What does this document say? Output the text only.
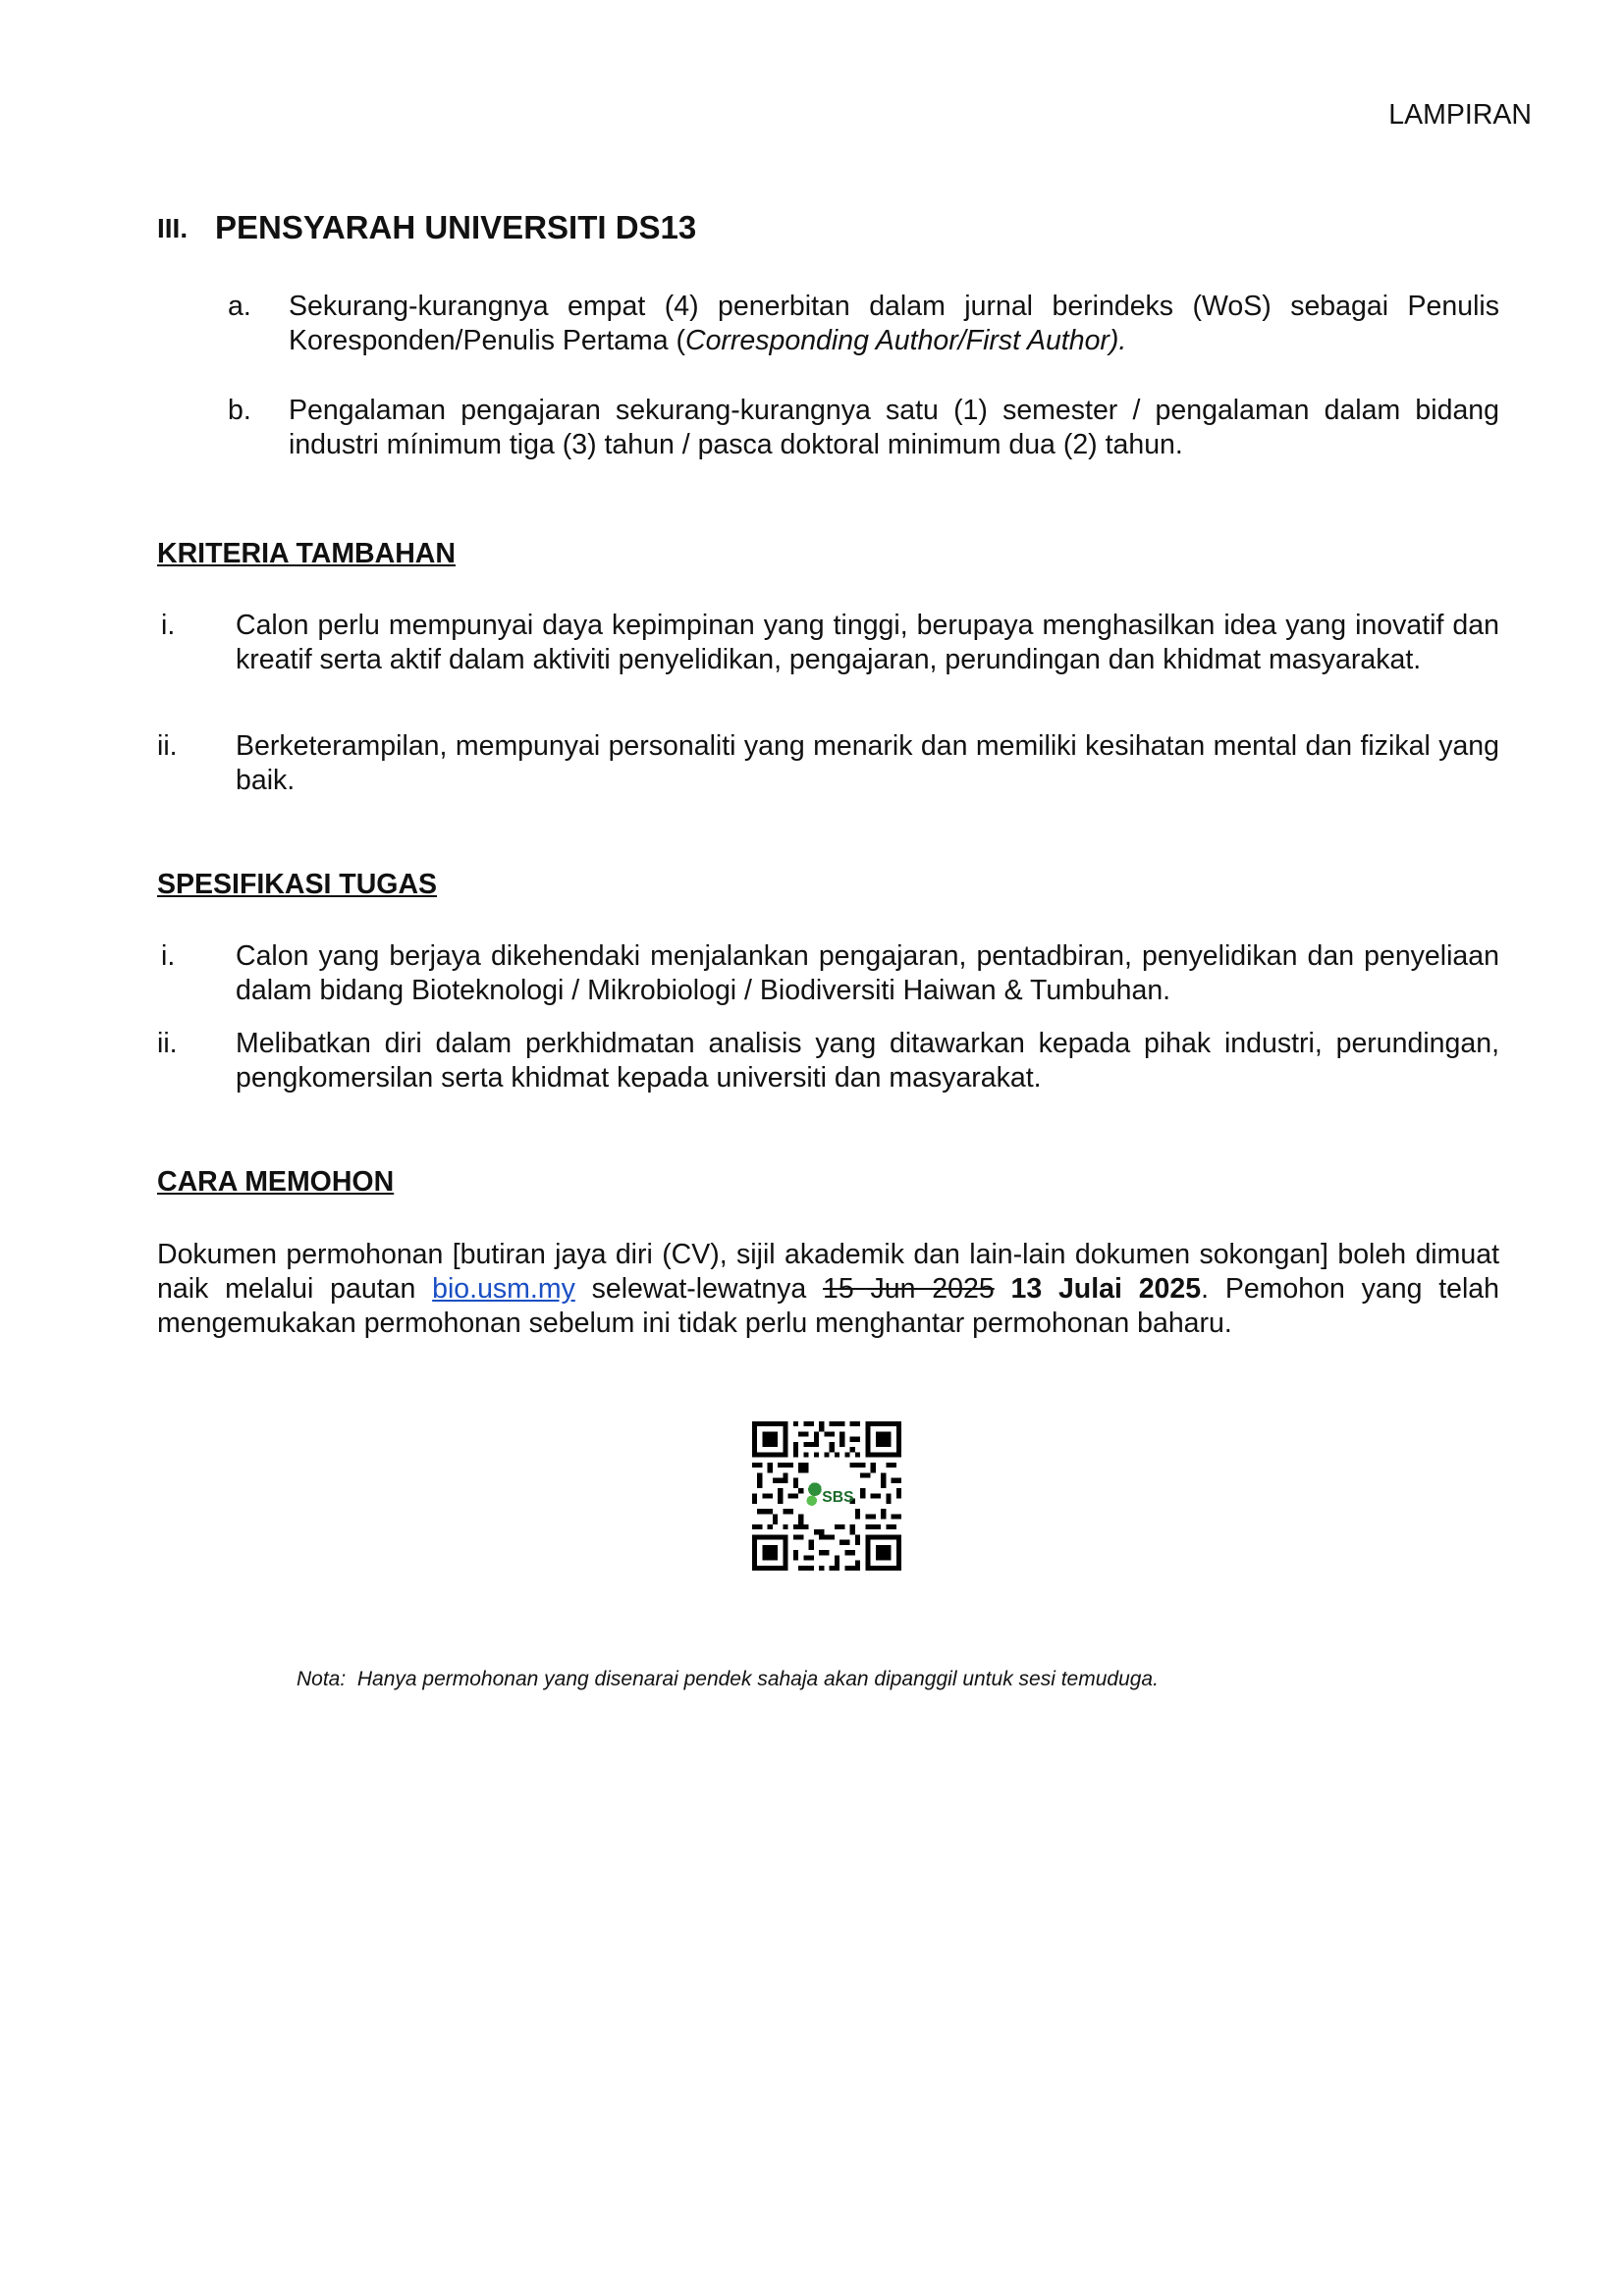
LAMPIRAN
III. PENSYARAH UNIVERSITI DS13
a. Sekurang-kurangnya empat (4) penerbitan dalam jurnal berindeks (WoS) sebagai Penulis Koresponden/Penulis Pertama (Corresponding Author/First Author).
b. Pengalaman pengajaran sekurang-kurangnya satu (1) semester / pengalaman dalam bidang industri mínimum tiga (3) tahun / pasca doktoral minimum dua (2) tahun.
KRITERIA TAMBAHAN
i. Calon perlu mempunyai daya kepimpinan yang tinggi, berupaya menghasilkan idea yang inovatif dan kreatif serta aktif dalam aktiviti penyelidikan, pengajaran, perundingan dan khidmat masyarakat.
ii. Berketerampilan, mempunyai personaliti yang menarik dan memiliki kesihatan mental dan fizikal yang baik.
SPESIFIKASI TUGAS
i. Calon yang berjaya dikehendaki menjalankan pengajaran, pentadbiran, penyelidikan dan penyeliaan dalam bidang Bioteknologi / Mikrobiologi / Biodiversiti Haiwan & Tumbuhan.
ii. Melibatkan diri dalam perkhidmatan analisis yang ditawarkan kepada pihak industri, perundingan, pengkomersilan serta khidmat kepada universiti dan masyarakat.
CARA MEMOHON
Dokumen permohonan [butiran jaya diri (CV), sijil akademik dan lain-lain dokumen sokongan] boleh dimuat naik melalui pautan bio.usm.my selewat-lewatnya 15 Jun 2025 13 Julai 2025. Pemohon yang telah mengemukakan permohonan sebelum ini tidak perlu menghantar permohonan baharu.
SBS
Nota: Hanya permohonan yang disenarai pendek sahaja akan dipanggil untuk sesi temuduga.
